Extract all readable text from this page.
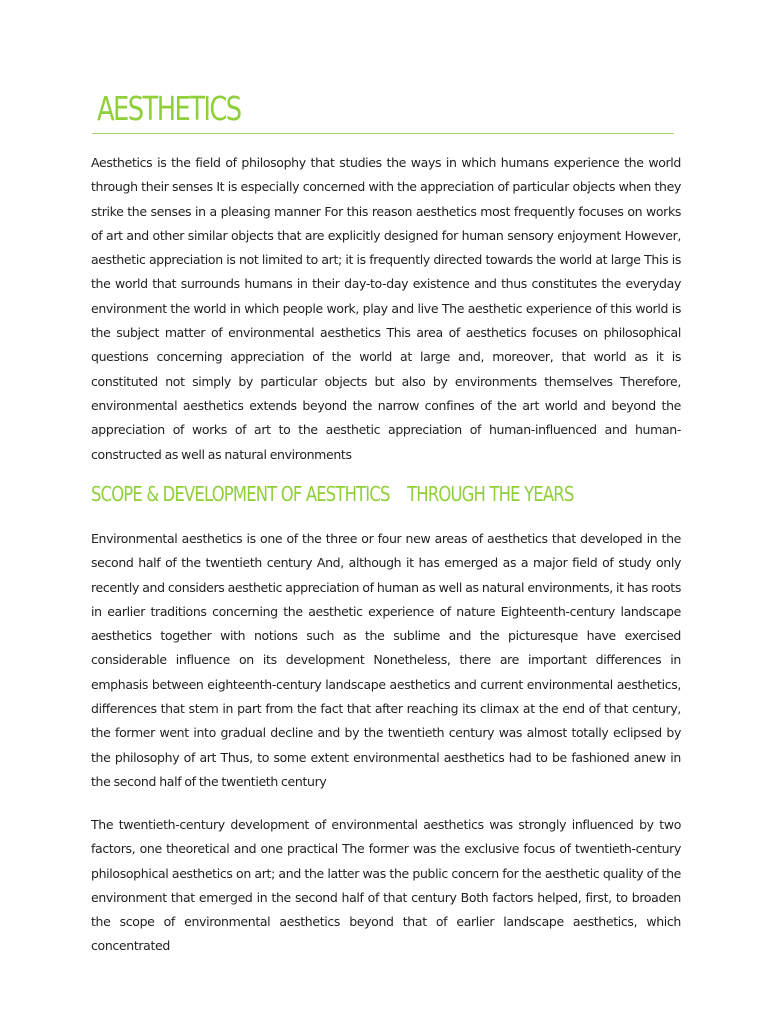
AESTHETICS

Aesthetics is the field of philosophy that studies the ways in which humans experience the world through their senses It is especially concerned with the appreciation of particular objects when they strike the senses in a pleasing manner For this reason aesthetics most frequently focuses on works of art and other similar objects that are explicitly designed for human sensory enjoyment However, aesthetic appreciation is not limited to art; it is frequently directed towards the world at large This is the world that surrounds humans in their day-to-day existence and thus constitutes the everyday environment the world in which people work, play and live The aesthetic experience of this world is the subject matter of environmental aesthetics This area of aesthetics focuses on philosophical questions concerning appreciation of the world at large and, moreover, that world as it is constituted not simply by particular objects but also by environments themselves Therefore, environmental aesthetics extends beyond the narrow confines of the art world and beyond the appreciation of works of art to the aesthetic appreciation of human-influenced and human-constructed as well as natural environments

SCOPE & DEVELOPMENT OF AESTHTICS    THROUGH THE YEARS

Environmental aesthetics is one of the three or four new areas of aesthetics that developed in the second half of the twentieth century And, although it has emerged as a major field of study only recently and considers aesthetic appreciation of human as well as natural environments, it has roots in earlier traditions concerning the aesthetic experience of nature Eighteenth-century landscape aesthetics together with notions such as the sublime and the picturesque have exercised considerable influence on its development Nonetheless, there are important differences in emphasis between eighteenth-century landscape aesthetics and current environmental aesthetics, differences that stem in part from the fact that after reaching its climax at the end of that century, the former went into gradual decline and by the twentieth century was almost totally eclipsed by the philosophy of art Thus, to some extent environmental aesthetics had to be fashioned anew in the second half of the twentieth century

The twentieth-century development of environmental aesthetics was strongly influenced by two factors, one theoretical and one practical The former was the exclusive focus of twentieth-century philosophical aesthetics on art; and the latter was the public concern for the aesthetic quality of the environment that emerged in the second half of that century Both factors helped, first, to broaden the scope of environmental aesthetics beyond that of earlier landscape aesthetics, which concentrated
